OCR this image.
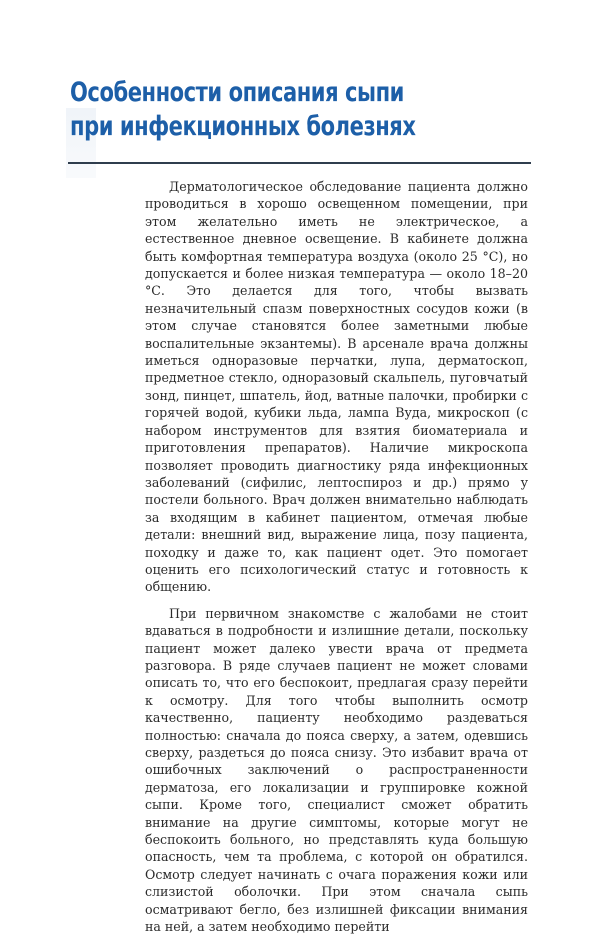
Особенности описания сыпи
при инфекционных болезнях

Дерматологическое обследование пациента должно проводиться в хорошо освещенном помещении, при этом желательно иметь не электрическое, а естественное дневное освещение. В кабинете должна быть комфортная температура воздуха (около 25 °С), но допускается и более низкая температура — около 18–20 °С. Это делается для того, чтобы вызвать незначительный спазм поверхностных сосудов кожи (в этом случае становятся более заметными любые воспалительные экзантемы). В арсенале врача должны иметься одноразовые перчатки, лупа, дерматоскоп, предметное стекло, одноразовый скальпель, пуговчатый зонд, пинцет, шпатель, йод, ватные палочки, пробирки с горячей водой, кубики льда, лампа Вуда, микроскоп (с набором инструментов для взятия биоматериала и приготовления препаратов). Наличие микроскопа позволяет проводить диагностику ряда инфекционных заболеваний (сифилис, лептоспироз и др.) прямо у постели больного. Врач должен внимательно наблюдать за входящим в кабинет пациентом, отмечая любые детали: внешний вид, выражение лица, позу пациента, походку и даже то, как пациент одет. Это помогает оценить его психологический статус и готовность к общению.

При первичном знакомстве с жалобами не стоит вдаваться в подробности и излишние детали, поскольку пациент может далеко увести врача от предмета разговора. В ряде случаев пациент не может словами описать то, что его беспокоит, предлагая сразу перейти к осмотру. Для того чтобы выполнить осмотр качественно, пациенту необходимо раздеваться полностью: сначала до пояса сверху, а затем, одевшись сверху, раздеться до пояса снизу. Это избавит врача от ошибочных заключений о распространенности дерматоза, его локализации и группировке кожной сыпи. Кроме того, специалист сможет обратить внимание на другие симптомы, которые могут не беспокоить больного, но представлять куда большую опасность, чем та проблема, с которой он обратился. Осмотр следует начинать с очага поражения кожи или слизистой оболочки. При этом сначала сыпь осматривают бегло, без излишней фиксации внимания на ней, а затем необходимо перейти
